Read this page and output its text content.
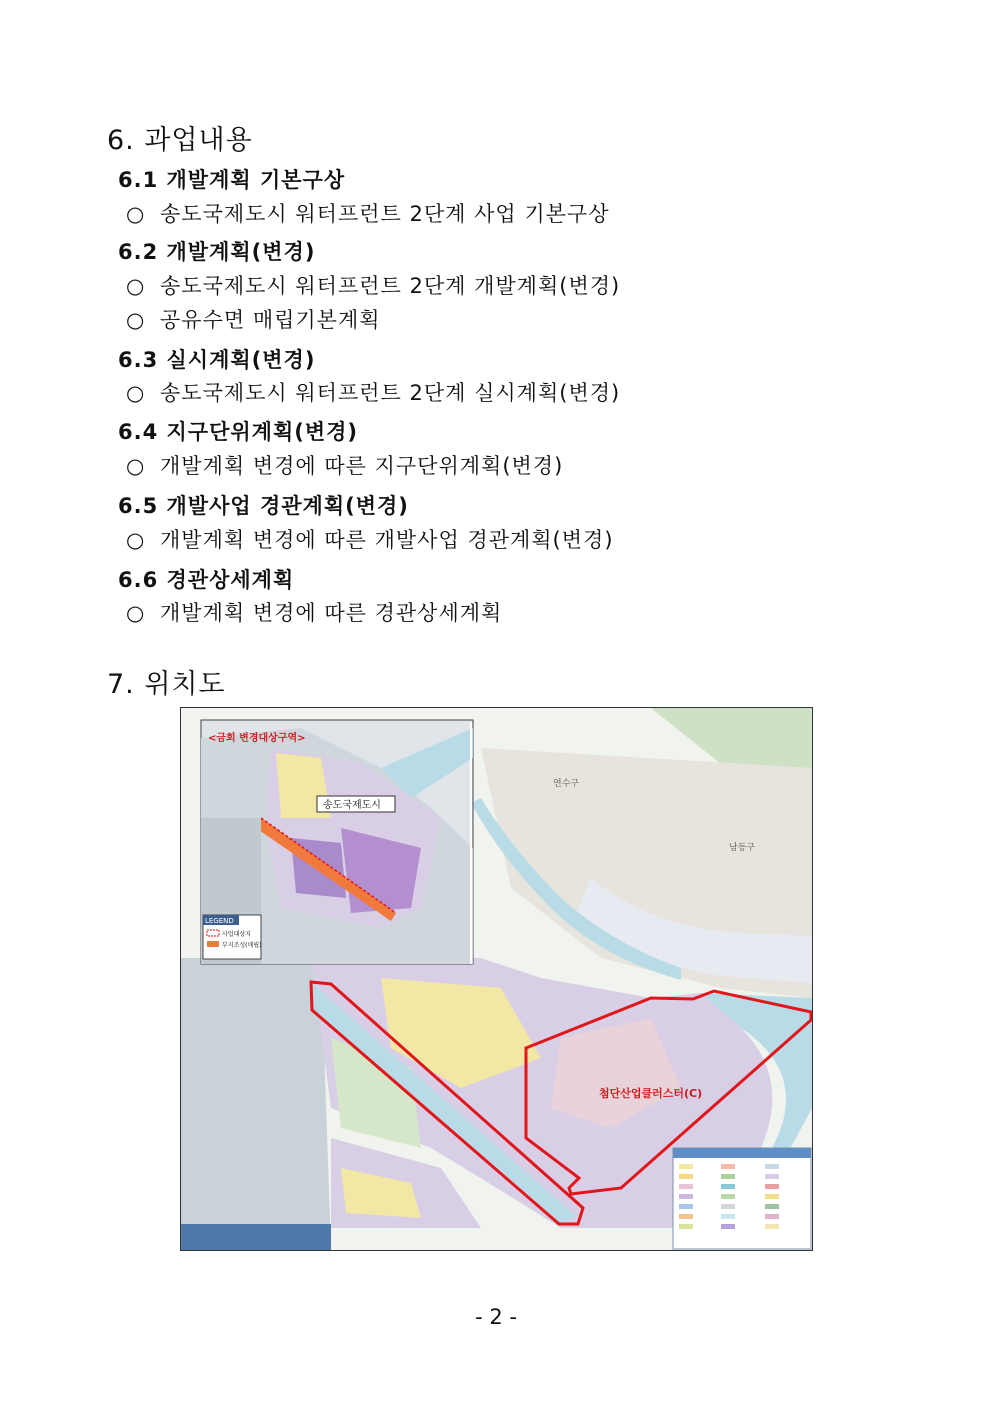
6. 과업내용
6.1 개발계획 기본구상
○ 송도국제도시 워터프런트 2단계 사업 기본구상
6.2 개발계획(변경)
○ 송도국제도시 워터프런트 2단계 개발계획(변경)
○ 공유수면 매립기본계획
6.3 실시계획(변경)
○ 송도국제도시 워터프런트 2단계 실시계획(변경)
6.4 지구단위계획(변경)
○ 개발계획 변경에 따른 지구단위계획(변경)
6.5 개발사업 경관계획(변경)
○ 개발계획 변경에 따른 개발사업 경관계획(변경)
6.6 경관상세계획
○ 개발계획 변경에 따른 경관상세계획
7. 위치도
연수구
남동구
첨단산업클러스터(C)
<금회 변경대상구역>
송도국제도시
LEGEND
사업대상지
부지조성(매립)
- 2 -
